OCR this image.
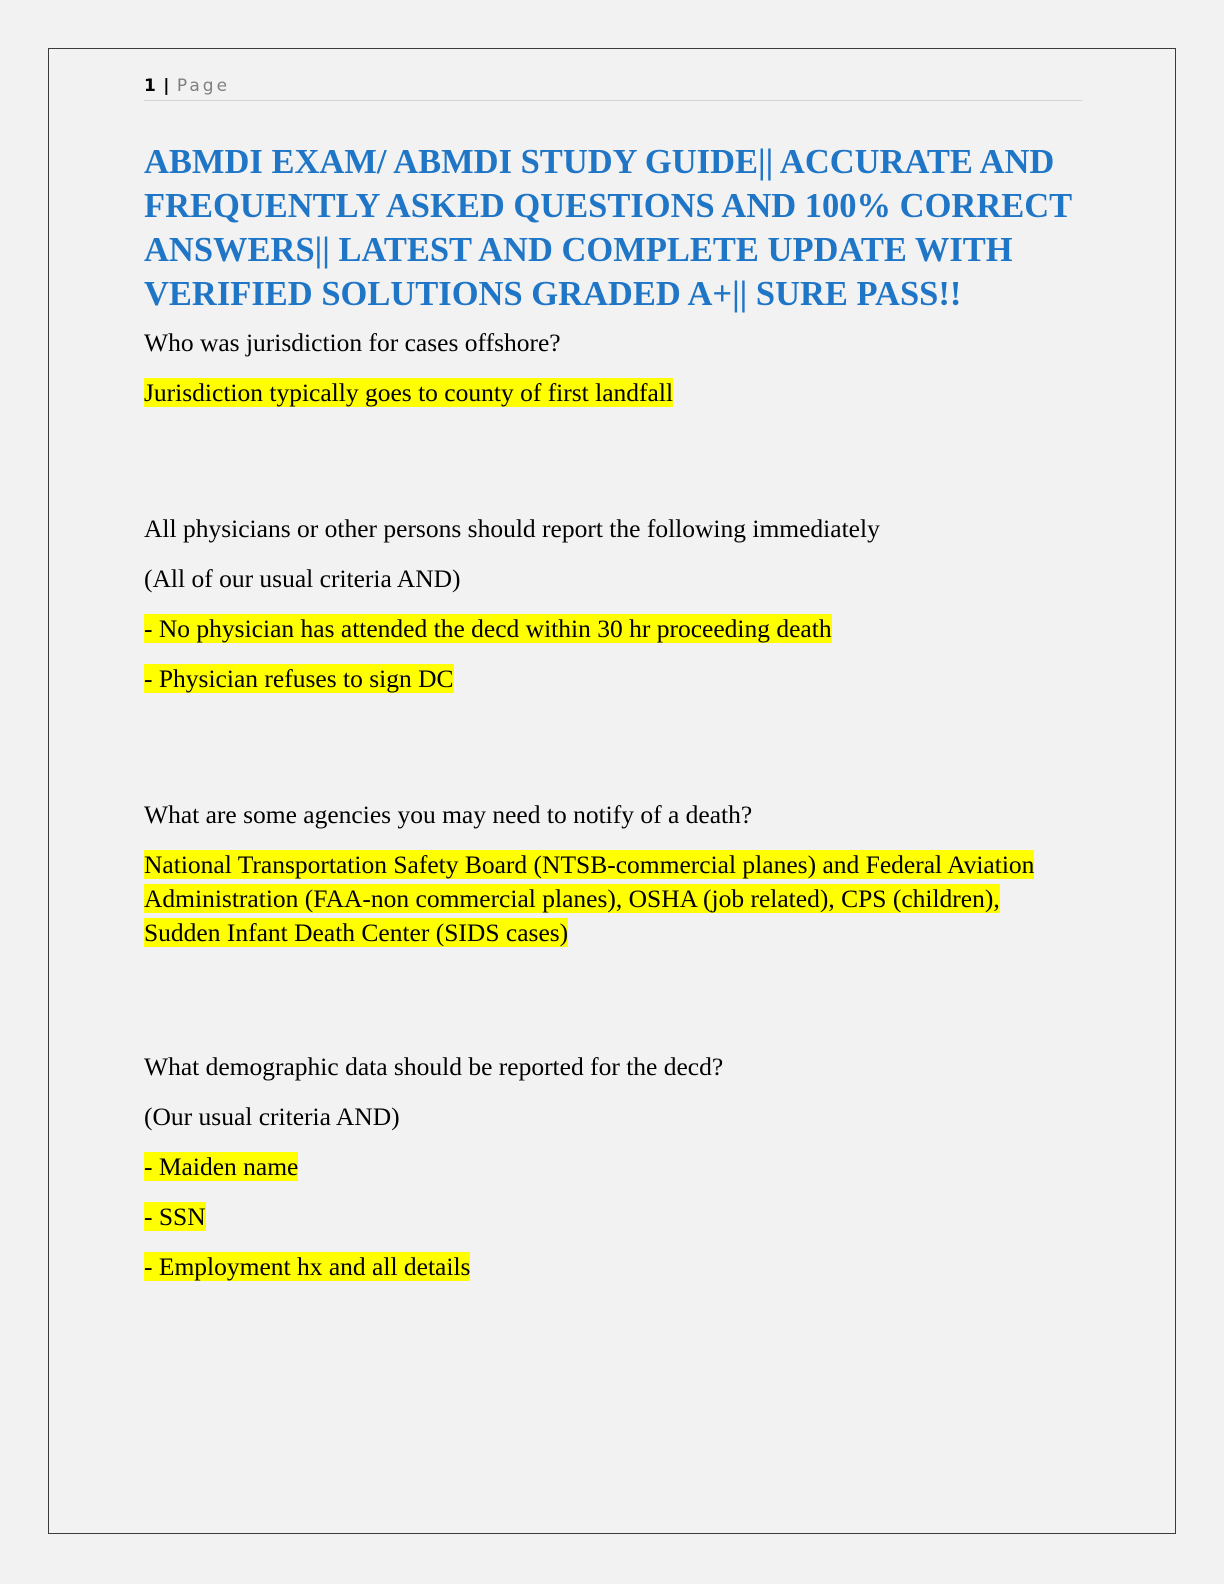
1 | Page
ABMDI EXAM/ ABMDI STUDY GUIDE|| ACCURATE AND FREQUENTLY ASKED QUESTIONS AND 100% CORRECT ANSWERS|| LATEST AND COMPLETE UPDATE WITH VERIFIED SOLUTIONS GRADED A+|| SURE PASS!!

Who was jurisdiction for cases offshore?

Jurisdiction typically goes to county of first landfall

All physicians or other persons should report the following immediately

(All of our usual criteria AND)

- No physician has attended the decd within 30 hr proceeding death

- Physician refuses to sign DC

What are some agencies you may need to notify of a death?

National Transportation Safety Board (NTSB-commercial planes) and Federal Aviation Administration (FAA-non commercial planes), OSHA (job related), CPS (children), Sudden Infant Death Center (SIDS cases)

What demographic data should be reported for the decd?

(Our usual criteria AND)

- Maiden name

- SSN

- Employment hx and all details
